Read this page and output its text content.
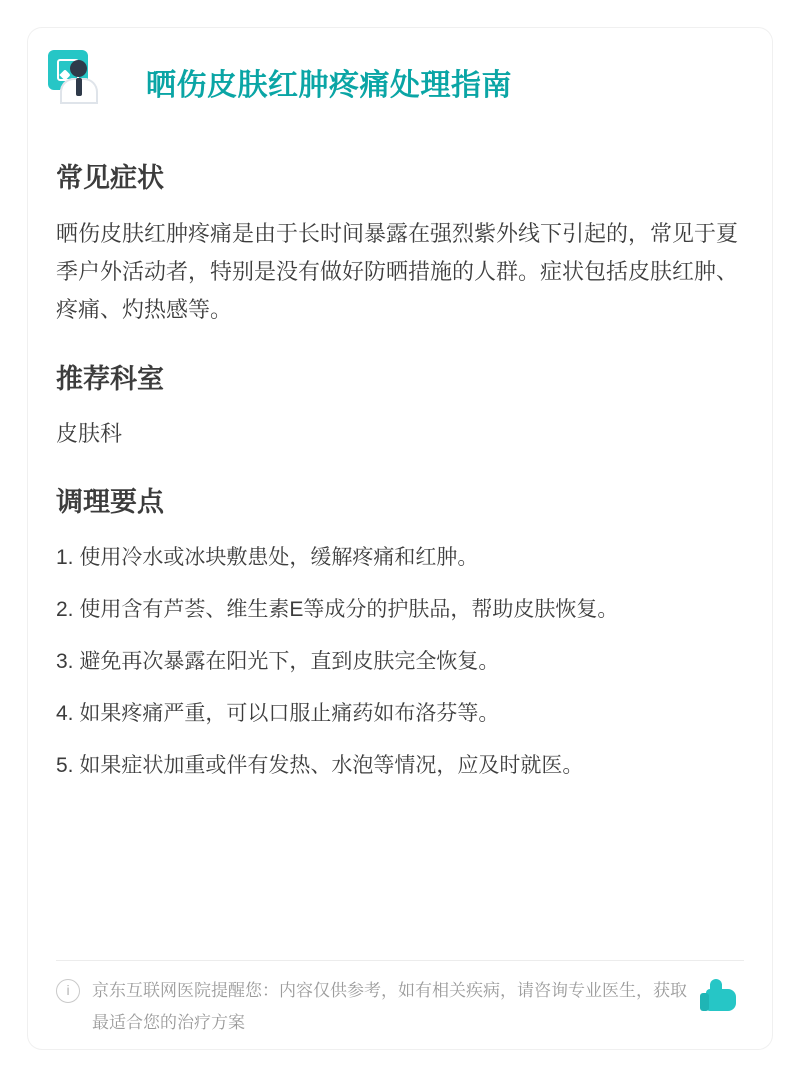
晒伤皮肤红肿疼痛处理指南
常见症状

晒伤皮肤红肿疼痛是由于长时间暴露在强烈紫外线下引起的，常见于夏季户外活动者，特别是没有做好防晒措施的人群。症状包括皮肤红肿、疼痛、灼热感等。

推荐科室

皮肤科

调理要点
1. 使用冷水或冰块敷患处，缓解疼痛和红肿。
2. 使用含有芦荟、维生素E等成分的护肤品，帮助皮肤恢复。
3. 避免再次暴露在阳光下，直到皮肤完全恢复。
4. 如果疼痛严重，可以口服止痛药如布洛芬等。
5. 如果症状加重或伴有发热、水泡等情况，应及时就医。
i	京东互联网医院提醒您：内容仅供参考，如有相关疾病，请咨询专业医生，获取最适合您的治疗方案
